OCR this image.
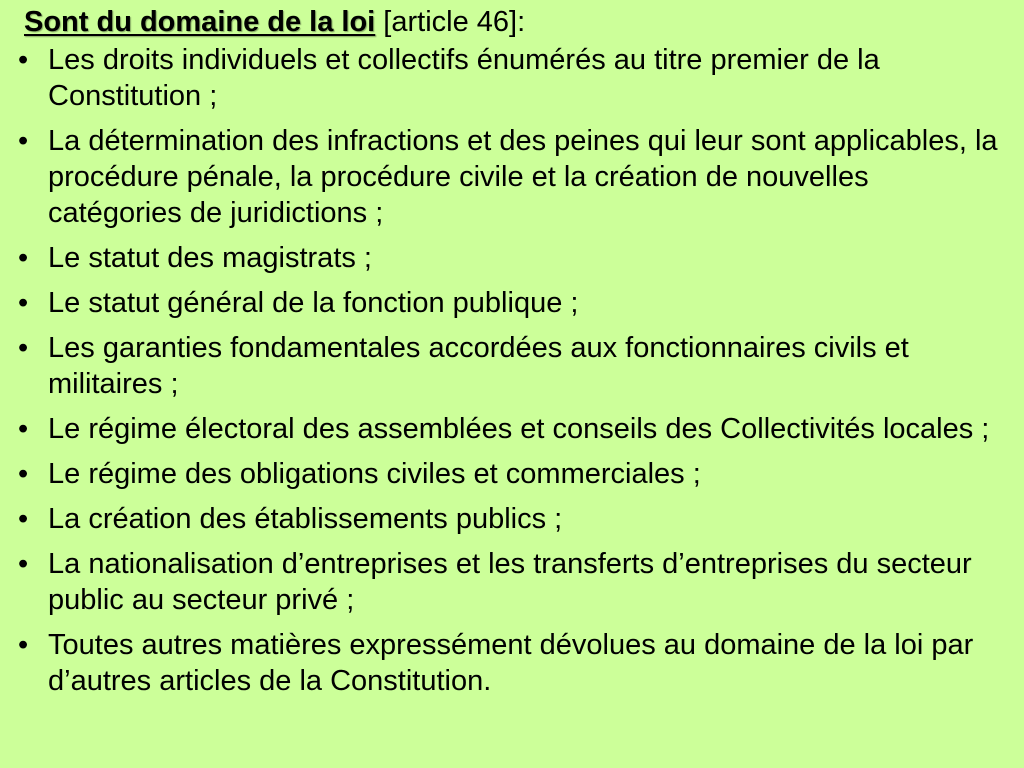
Sont du domaine de la loi [article 46]:
• Les droits individuels et collectifs énumérés au titre premier de la Constitution ;
• La détermination des infractions et des peines qui leur sont applicables, la procédure pénale, la procédure civile et la création de nouvelles catégories de juridictions ;
• Le statut des magistrats ;
• Le statut général de la fonction publique ;
• Les garanties fondamentales accordées aux fonctionnaires civils et militaires ;
• Le régime électoral des assemblées et conseils des Collectivités locales ;
• Le régime des obligations civiles et commerciales ;
• La création des établissements publics ;
• La nationalisation d’entreprises et les transferts d’entreprises du secteur public au secteur privé ;
• Toutes autres matières expressément dévolues au domaine de la loi par d’autres articles de la Constitution.
